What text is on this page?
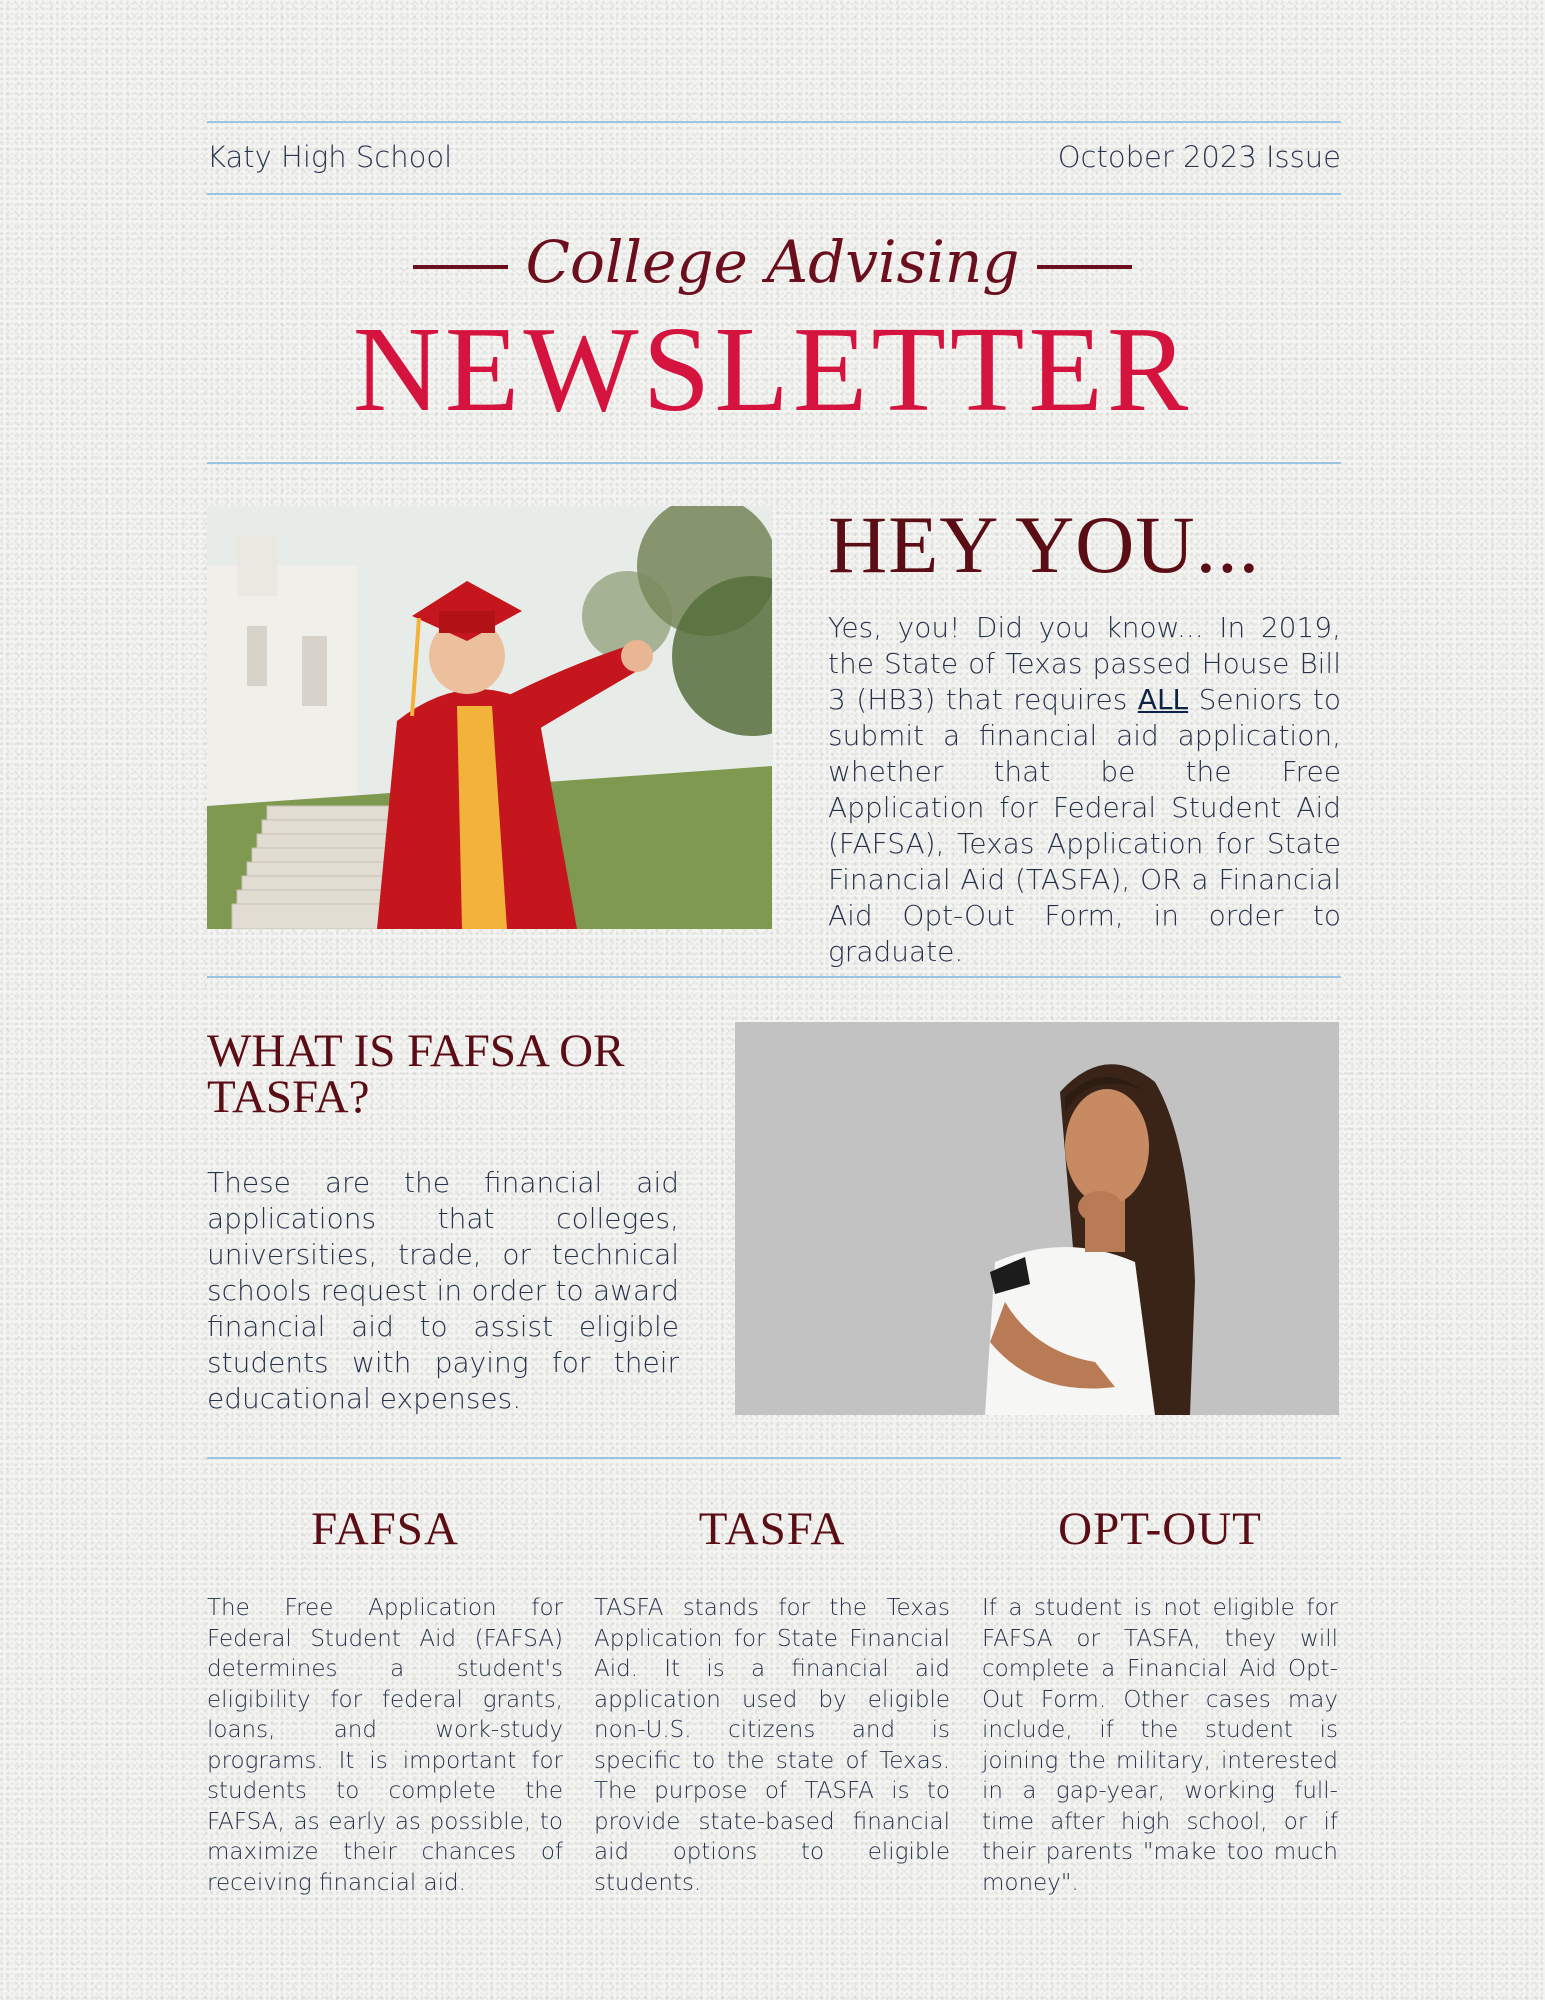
Katy High School	October 2023 Issue
College Advising
NEWSLETTER
HEY YOU...
Yes, you! Did you know... In 2019, the State of Texas passed House Bill 3 (HB3) that requires ALL Seniors to submit a financial aid application, whether that be the Free Application for Federal Student Aid (FAFSA), Texas Application for State Financial Aid (TASFA), OR a Financial Aid Opt-Out Form, in order to graduate.
WHAT IS FAFSA OR TASFA?
These are the financial aid applications that colleges, universities, trade, or technical schools request in order to award financial aid to assist eligible students with paying for their educational expenses.
FAFSA	TASFA	OPT-OUT
The Free Application for Federal Student Aid (FAFSA) determines a student's eligibility for federal grants, loans, and work-study programs. It is important for students to complete the FAFSA, as early as possible, to maximize their chances of receiving financial aid.
TASFA stands for the Texas Application for State Financial Aid. It is a financial aid application used by eligible non-U.S. citizens and is specific to the state of Texas. The purpose of TASFA is to provide state-based financial aid options to eligible students.
If a student is not eligible for FAFSA or TASFA, they will complete a Financial Aid Opt-Out Form. Other cases may include, if the student is joining the military, interested in a gap-year, working full-time after high school, or if their parents "make too much money".
